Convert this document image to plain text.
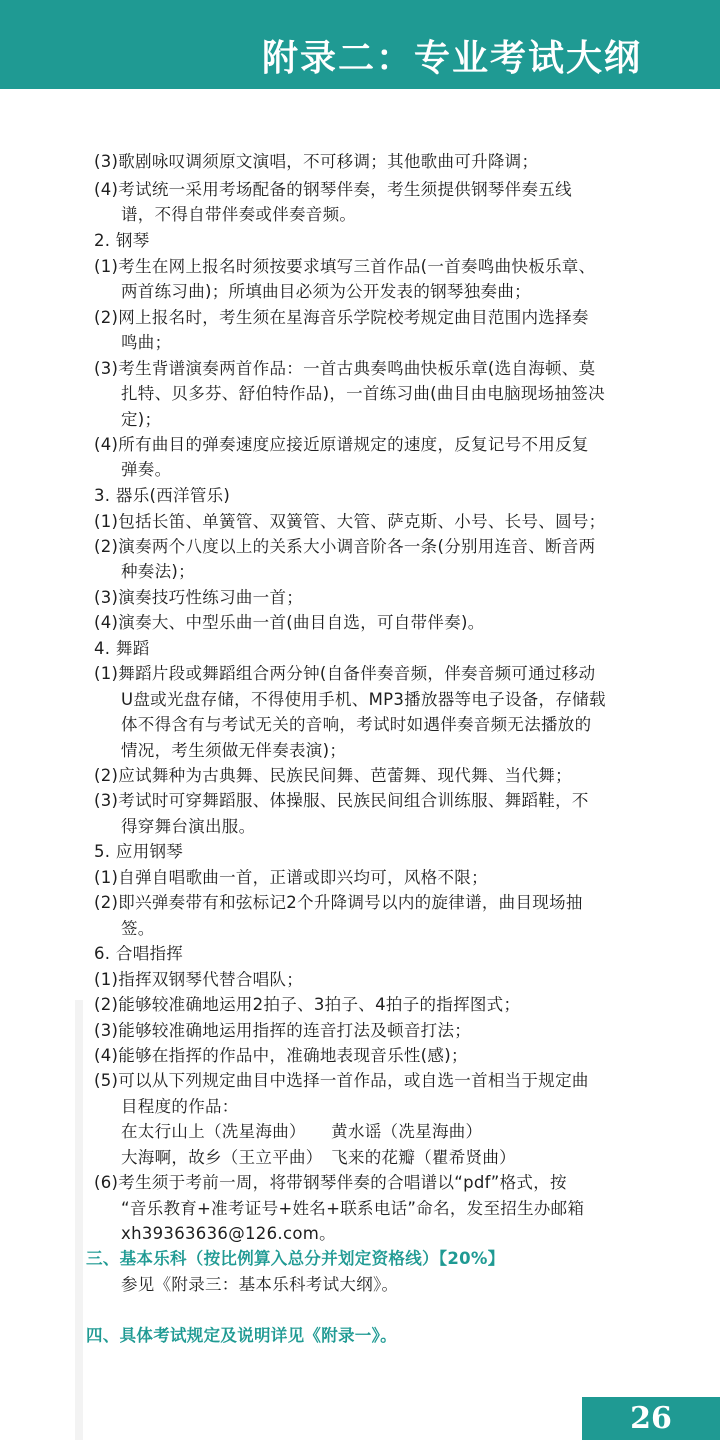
附录二：专业考试大纲
(3)歌剧咏叹调须原文演唱，不可移调；其他歌曲可升降调；
(4)考试统一采用考场配备的钢琴伴奏，考生须提供钢琴伴奏五线
谱，不得自带伴奏或伴奏音频。
2. 钢琴
(1)考生在网上报名时须按要求填写三首作品(一首奏鸣曲快板乐章、
两首练习曲)；所填曲目必须为公开发表的钢琴独奏曲；
(2)网上报名时，考生须在星海音乐学院校考规定曲目范围内选择奏
鸣曲；
(3)考生背谱演奏两首作品：一首古典奏鸣曲快板乐章(选自海顿、莫
扎特、贝多芬、舒伯特作品)，一首练习曲(曲目由电脑现场抽签决
定)；
(4)所有曲目的弹奏速度应接近原谱规定的速度，反复记号不用反复
弹奏。
3. 器乐(西洋管乐)
(1)包括长笛、单簧管、双簧管、大管、萨克斯、小号、长号、圆号；
(2)演奏两个八度以上的关系大小调音阶各一条(分别用连音、断音两
种奏法)；
(3)演奏技巧性练习曲一首；
(4)演奏大、中型乐曲一首(曲目自选，可自带伴奏)。
4. 舞蹈
(1)舞蹈片段或舞蹈组合两分钟(自备伴奏音频，伴奏音频可通过移动
U盘或光盘存储，不得使用手机、MP3播放器等电子设备，存储载
体不得含有与考试无关的音响，考试时如遇伴奏音频无法播放的
情况，考生须做无伴奏表演)；
(2)应试舞种为古典舞、民族民间舞、芭蕾舞、现代舞、当代舞；
(3)考试时可穿舞蹈服、体操服、民族民间组合训练服、舞蹈鞋，不
得穿舞台演出服。
5. 应用钢琴
(1)自弹自唱歌曲一首，正谱或即兴均可，风格不限；
(2)即兴弹奏带有和弦标记2个升降调号以内的旋律谱，曲目现场抽
签。
6. 合唱指挥
(1)指挥双钢琴代替合唱队；
(2)能够较准确地运用2拍子、3拍子、4拍子的指挥图式；
(3)能够较准确地运用指挥的连音打法及顿音打法；
(4)能够在指挥的作品中，准确地表现音乐性(感)；
(5)可以从下列规定曲目中选择一首作品，或自选一首相当于规定曲
目程度的作品：
在太行山上（冼星海曲）　　黄水谣（冼星海曲）
大海啊，故乡（王立平曲）　飞来的花瓣（瞿希贤曲）
(6)考生须于考前一周，将带钢琴伴奏的合唱谱以“pdf”格式，按
“音乐教育+准考证号+姓名+联系电话”命名，发至招生办邮箱
xh39363636@126.com。
三、基本乐科（按比例算入总分并划定资格线）【20%】
参见《附录三：基本乐科考试大纲》。
四、具体考试规定及说明详见《附录一》。
26
